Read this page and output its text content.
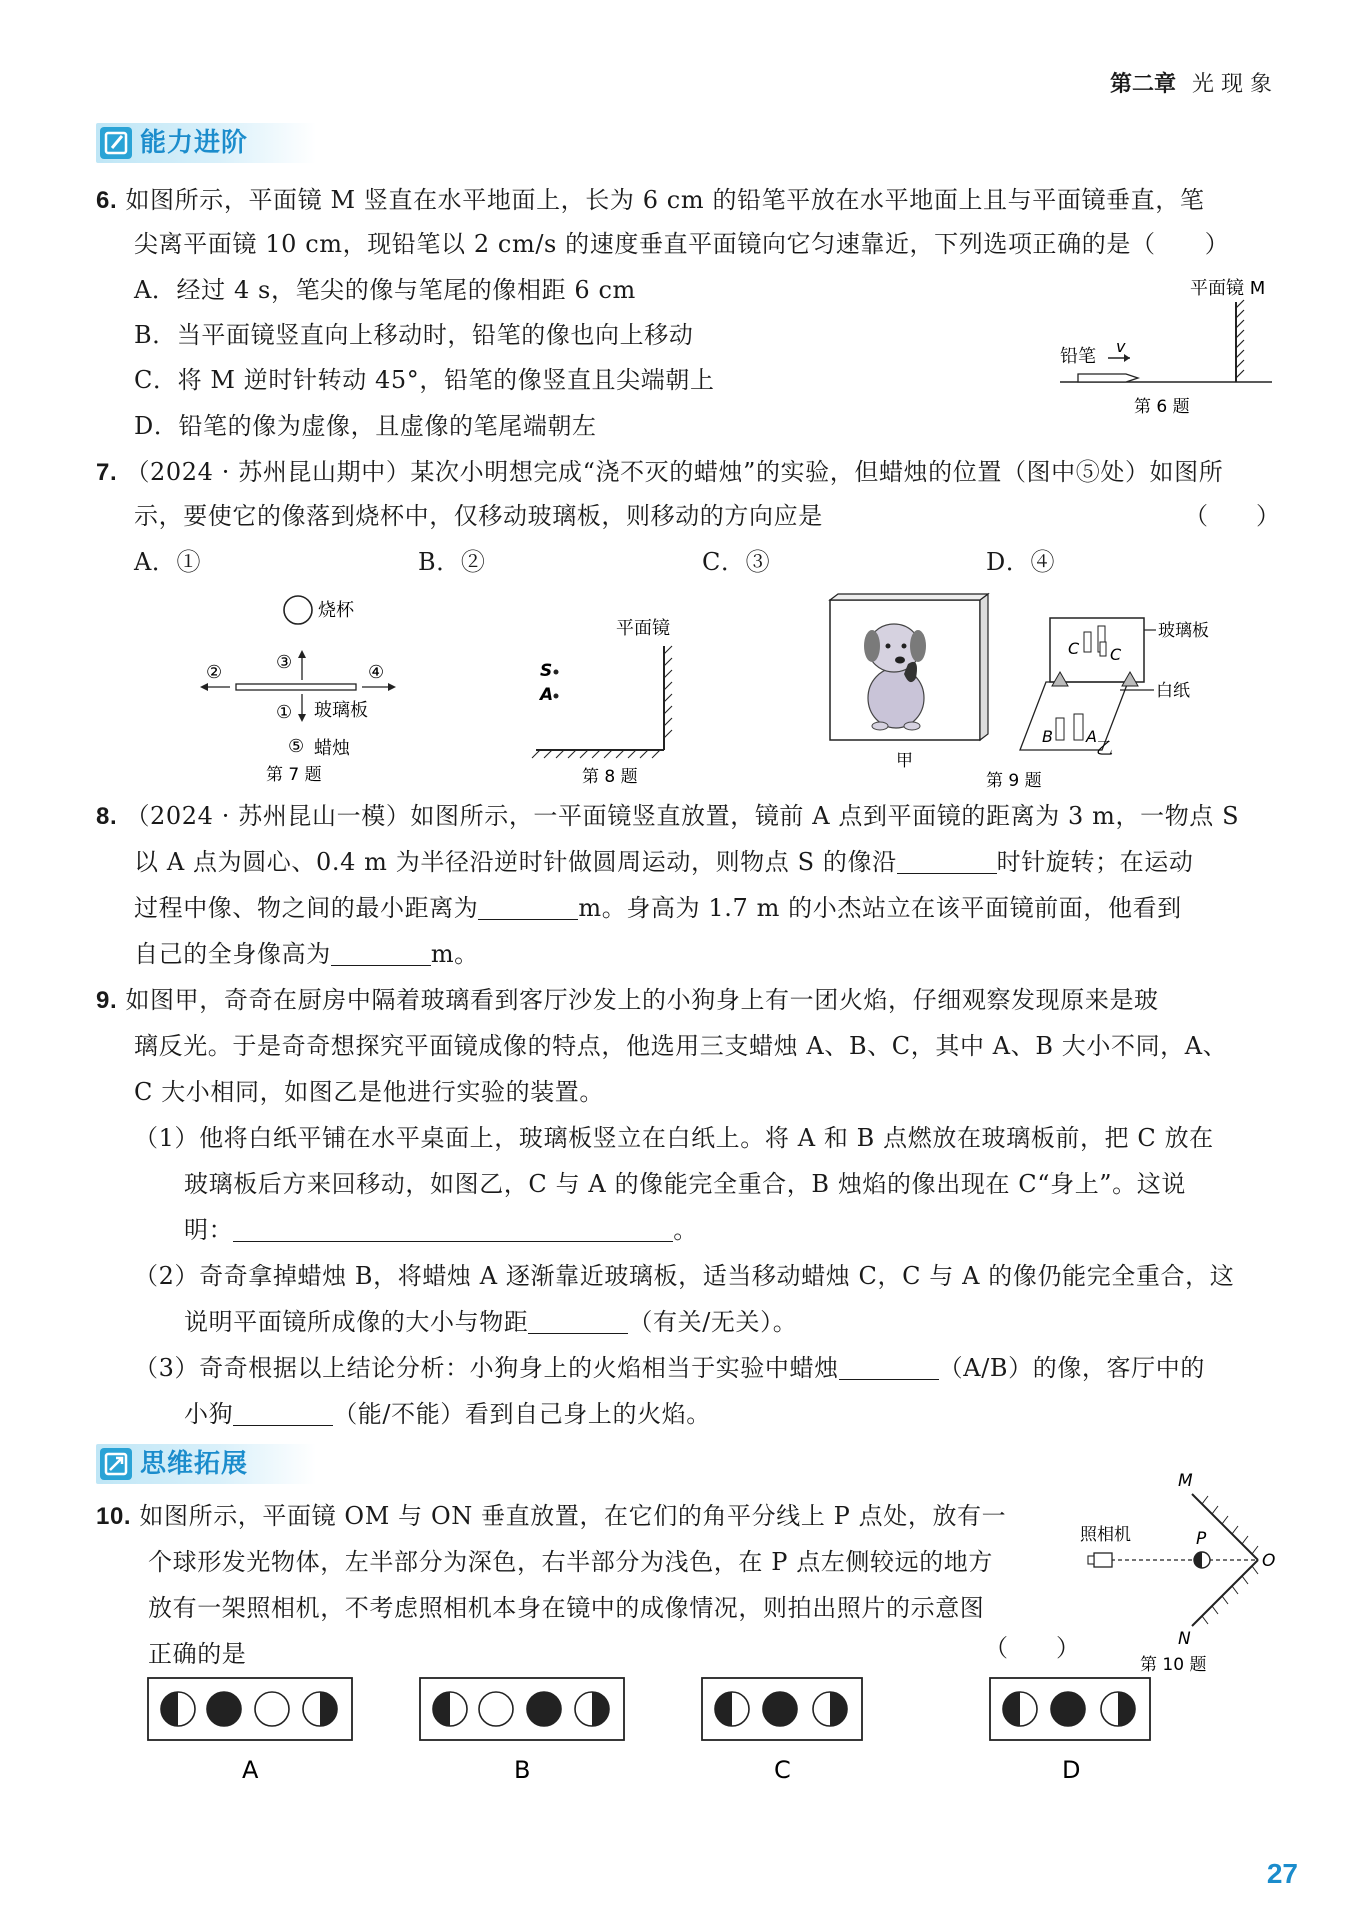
第二章 光 现 象
能力进阶
6. 如图所示，平面镜 M 竖直在水平地面上，长为 6 cm 的铅笔平放在水平地面上且与平面镜垂直，笔
尖离平面镜 10 cm，现铅笔以 2 cm/s 的速度垂直平面镜向它匀速靠近，下列选项正确的是（　　）
A．经过 4 s，笔尖的像与笔尾的像相距 6 cm
B．当平面镜竖直向上移动时，铅笔的像也向上移动
C．将 M 逆时针转动 45°，铅笔的像竖直且尖端朝上
D．铅笔的像为虚像，且虚像的笔尾端朝左
平面镜 M
铅笔 v
第 6 题
7. （2024 · 苏州昆山期中）某次小明想完成“浇不灭的蜡烛”的实验，但蜡烛的位置（图中⑤处）如图所
示，要使它的像落到烧杯中，仅移动玻璃板，则移动的方向应是	（　　）
A．①	B．②	C．③	D．④
烧杯
②	④
③
① 玻璃板
⑤ 蜡烛
第 7 题
平面镜
S
A
第 8 题
甲
C C
B A
玻璃板
白纸
乙
第 9 题
8. （2024 · 苏州昆山一模）如图所示，一平面镜竖直放置，镜前 A 点到平面镜的距离为 3 m，一物点 S
以 A 点为圆心、0.4 m 为半径沿逆时针做圆周运动，则物点 S 的像沿	时针旋转；在运动
过程中像、物之间的最小距离为	m。身高为 1.7 m 的小杰站立在该平面镜前面，他看到
自己的全身像高为	m。
9. 如图甲，奇奇在厨房中隔着玻璃看到客厅沙发上的小狗身上有一团火焰，仔细观察发现原来是玻
璃反光。于是奇奇想探究平面镜成像的特点，他选用三支蜡烛 A、B、C，其中 A、B 大小不同，A、
C 大小相同，如图乙是他进行实验的装置。
（1）他将白纸平铺在水平桌面上，玻璃板竖立在白纸上。将 A 和 B 点燃放在玻璃板前，把 C 放在
玻璃板后方来回移动，如图乙，C 与 A 的像能完全重合，B 烛焰的像出现在 C“身上”。这说
明：	。
（2）奇奇拿掉蜡烛 B，将蜡烛 A 逐渐靠近玻璃板，适当移动蜡烛 C，C 与 A 的像仍能完全重合，这
说明平面镜所成像的大小与物距	（有关/无关）。
（3）奇奇根据以上结论分析：小狗身上的火焰相当于实验中蜡烛	（A/B）的像，客厅中的
小狗	（能/不能）看到自己身上的火焰。
思维拓展
10. 如图所示，平面镜 OM 与 ON 垂直放置，在它们的角平分线上 P 点处，放有一
个球形发光物体，左半部分为深色，右半部分为浅色，在 P 点左侧较远的地方
放有一架照相机，不考虑照相机本身在镜中的成像情况，则拍出照片的示意图
正确的是	（　　）
M
O
N
照相机	P
第 10 题
A	B	C	D
27
